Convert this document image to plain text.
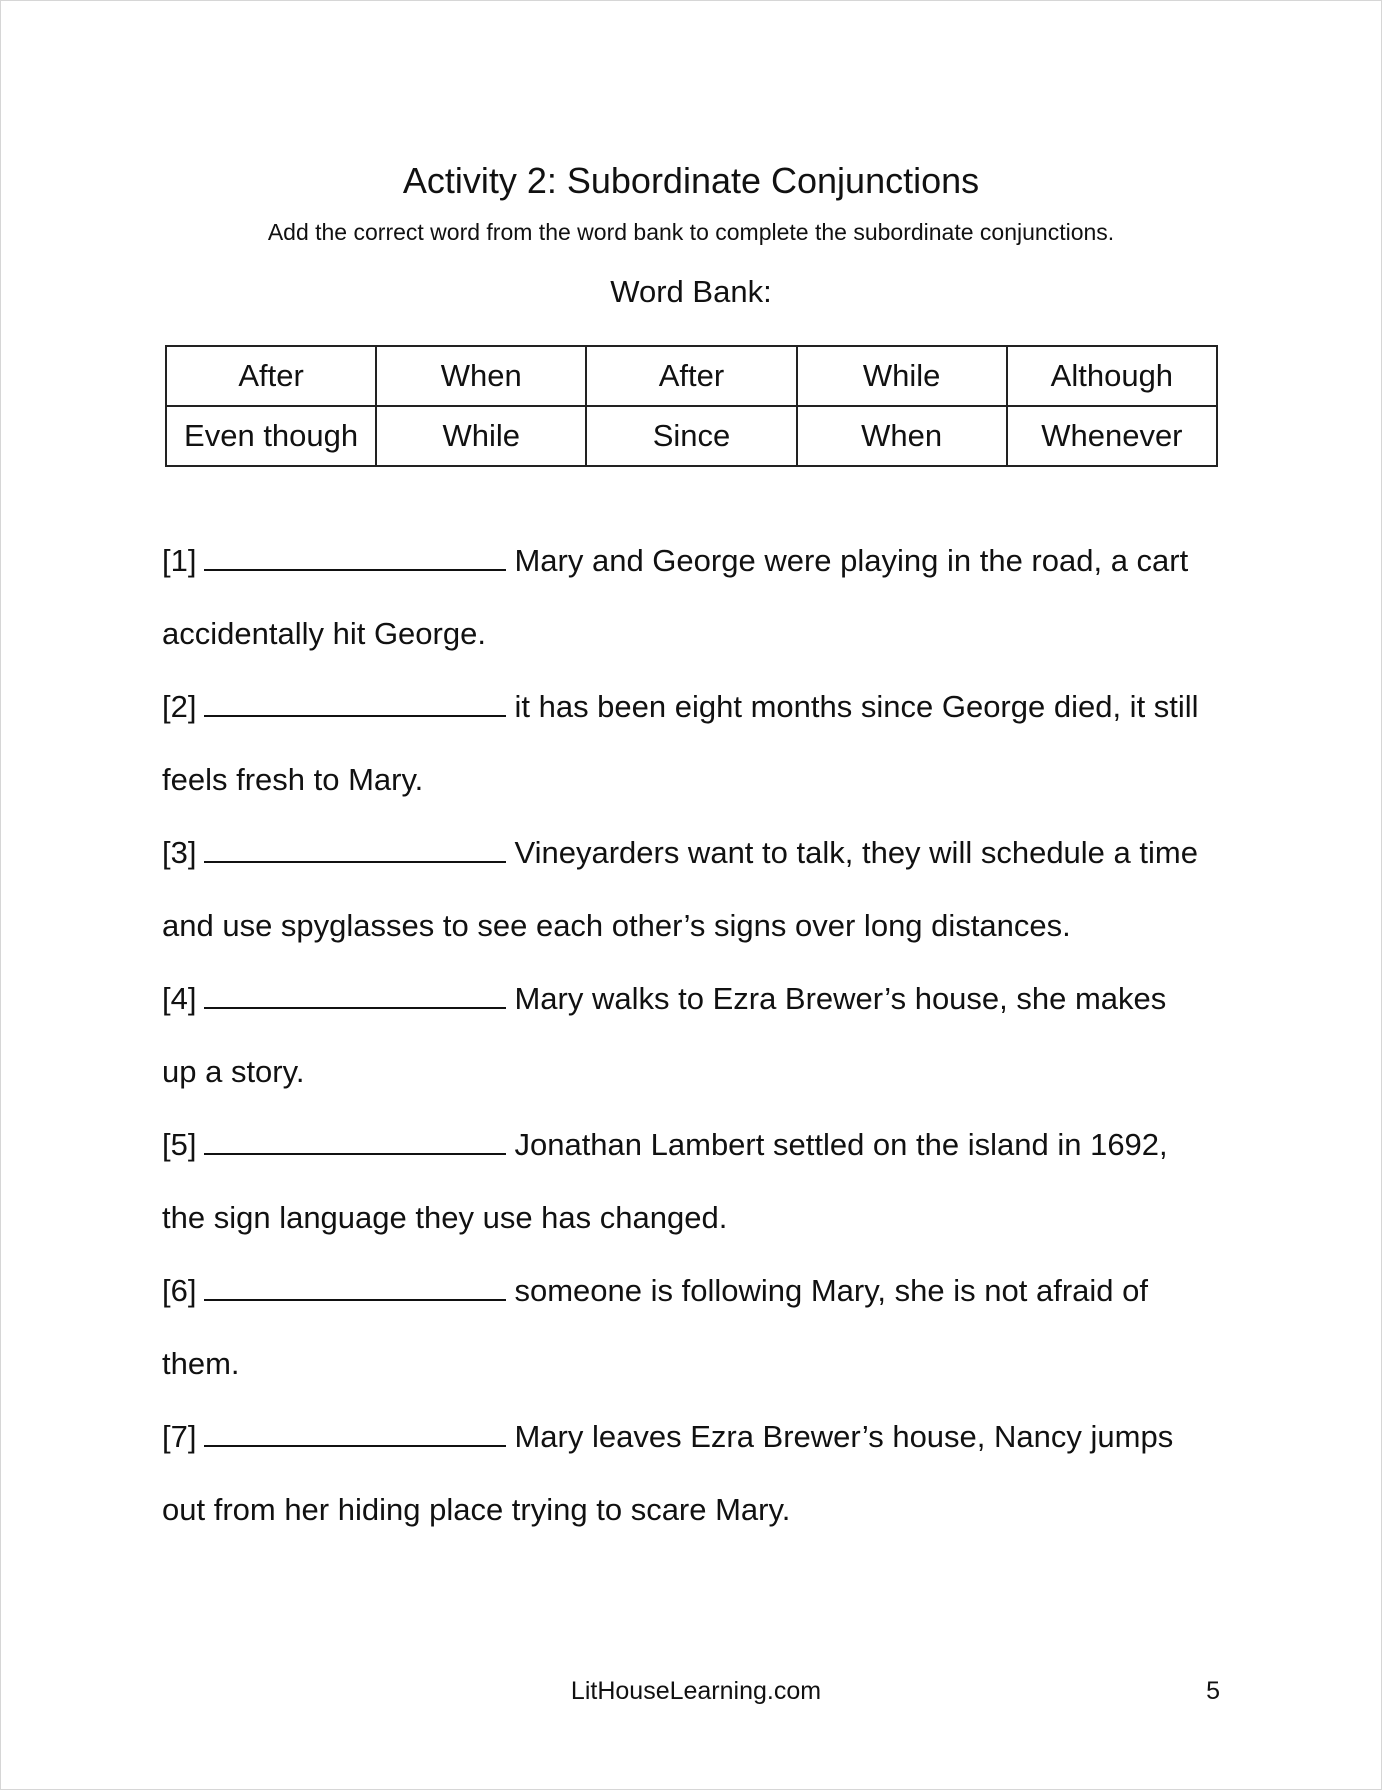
Activity 2: Subordinate Conjunctions
Add the correct word from the word bank to complete the subordinate conjunctions.
Word Bank:
After	When	After	While	Although
Even though	While	Since	When	Whenever
[1]	Mary and George were playing in the road, a cart
accidentally hit George.
[2]	it has been eight months since George died, it still
feels fresh to Mary.
[3]	Vineyarders want to talk, they will schedule a time
and use spyglasses to see each other’s signs over long distances.
[4]	Mary walks to Ezra Brewer’s house, she makes
up a story.
[5]	Jonathan Lambert settled on the island in 1692,
the sign language they use has changed.
[6]	someone is following Mary, she is not afraid of
them.
[7]	Mary leaves Ezra Brewer’s house, Nancy jumps
out from her hiding place trying to scare Mary.
LitHouseLearning.com	5
